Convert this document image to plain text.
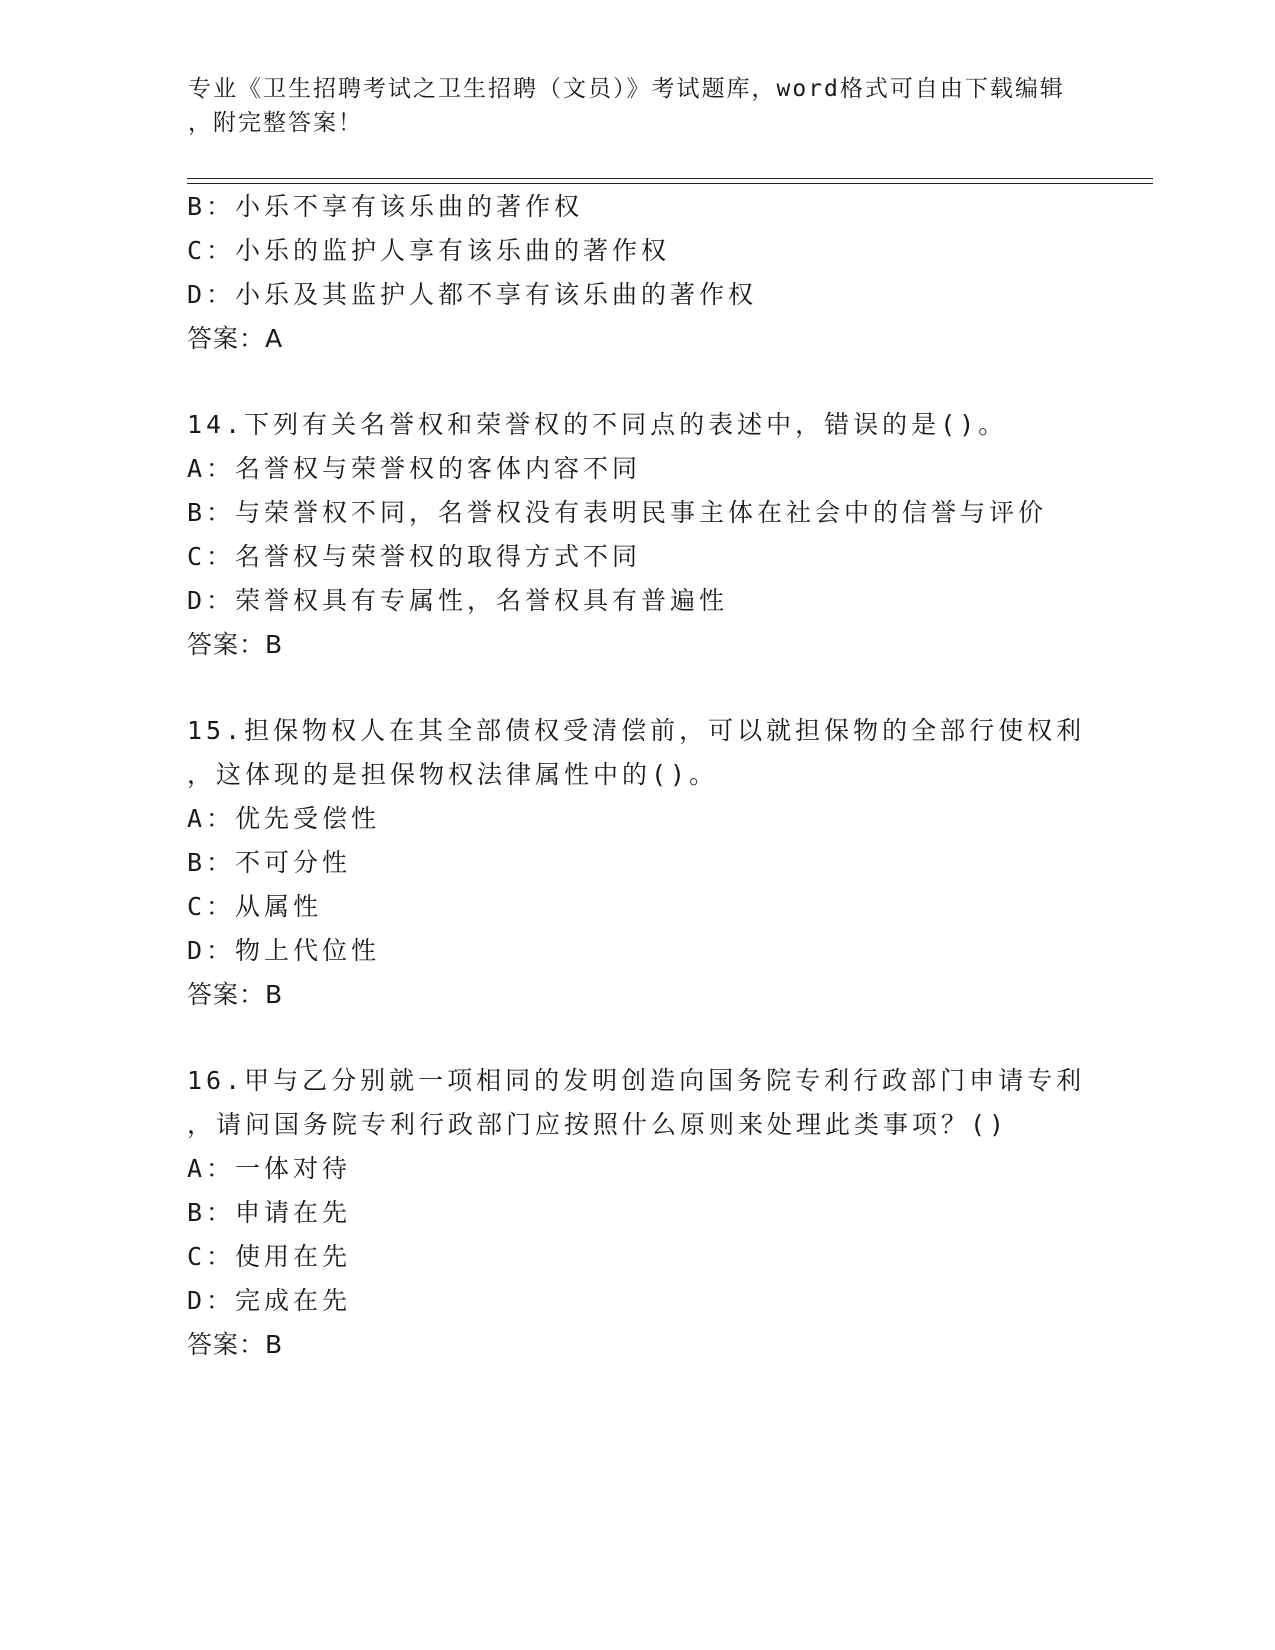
专业《卫生招聘考试之卫生招聘（文员）》考试题库，word格式可自由下载编辑

，附完整答案！

B：小乐不享有该乐曲的著作权

C：小乐的监护人享有该乐曲的著作权

D：小乐及其监护人都不享有该乐曲的著作权

答案：A

14.下列有关名誉权和荣誉权的不同点的表述中，错误的是()。

A：名誉权与荣誉权的客体内容不同

B：与荣誉权不同，名誉权没有表明民事主体在社会中的信誉与评价

C：名誉权与荣誉权的取得方式不同

D：荣誉权具有专属性，名誉权具有普遍性

答案：B

15.担保物权人在其全部债权受清偿前，可以就担保物的全部行使权利

，这体现的是担保物权法律属性中的()。

A：优先受偿性

B：不可分性

C：从属性

D：物上代位性

答案：B

16.甲与乙分别就一项相同的发明创造向国务院专利行政部门申请专利

，请问国务院专利行政部门应按照什么原则来处理此类事项？()

A：一体对待

B：申请在先

C：使用在先

D：完成在先

答案：B
